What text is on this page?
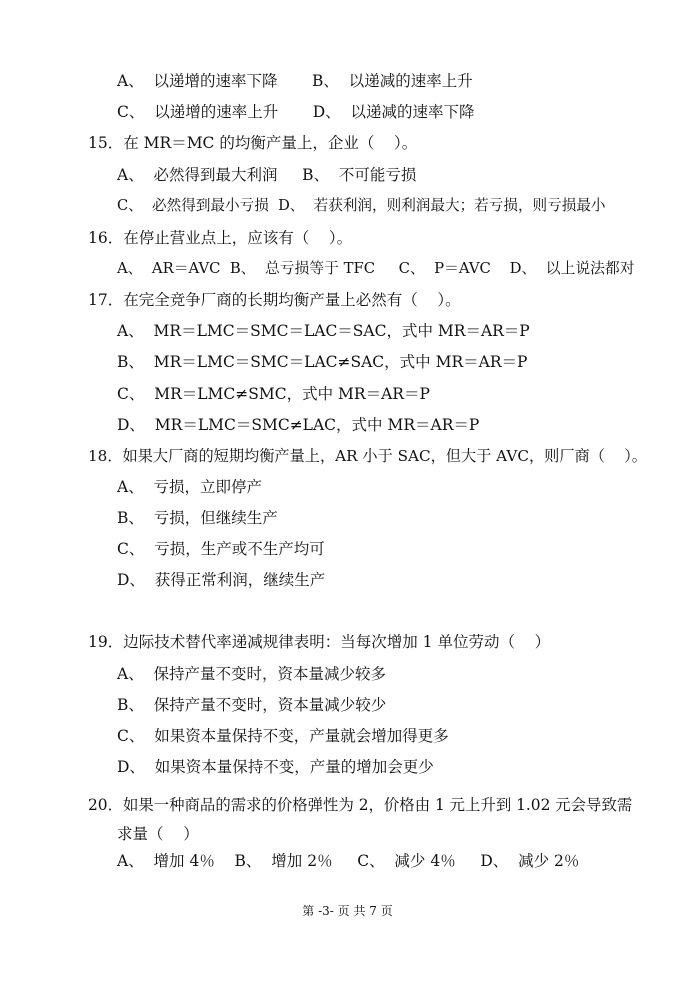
A、  以递增的速率下降       B、  以递减的速率上升
C、  以递增的速率上升       D、  以递减的速率下降
15．在 MR＝MC 的均衡产量上，企业（    ）。
A、  必然得到最大利润     B、  不可能亏损
C、  必然得到最小亏损  D、  若获利润，则利润最大；若亏损，则亏损最小
16．在停止营业点上，应该有（    ）。
A、  AR＝AVC  B、  总亏损等于 TFC     C、  P＝AVC    D、  以上说法都对
17．在完全竞争厂商的长期均衡产量上必然有（    ）。
A、  MR＝LMC＝SMC＝LAC＝SAC，式中 MR＝AR＝P
B、  MR＝LMC＝SMC＝LAC≠SAC，式中 MR＝AR＝P
C、  MR＝LMC≠SMC，式中 MR＝AR＝P
D、  MR＝LMC＝SMC≠LAC，式中 MR＝AR＝P
18．如果大厂商的短期均衡产量上，AR 小于 SAC，但大于 AVC，则厂商（    ）。
A、  亏损，立即停产
B、  亏损，但继续生产
C、  亏损，生产或不生产均可
D、  获得正常利润，继续生产
19．边际技术替代率递减规律表明：当每次增加 1 单位劳动（    ）
A、  保持产量不变时，资本量减少较多
B、  保持产量不变时，资本量减少较少
C、  如果资本量保持不变，产量就会增加得更多
D、  如果资本量保持不变，产量的增加会更少
20．如果一种商品的需求的价格弹性为 2，价格由 1 元上升到 1.02 元会导致需
求量（    ）
A、  增加 4％    B、  增加 2％     C、  减少 4％     D、  减少 2％
第 -3- 页 共 7 页
